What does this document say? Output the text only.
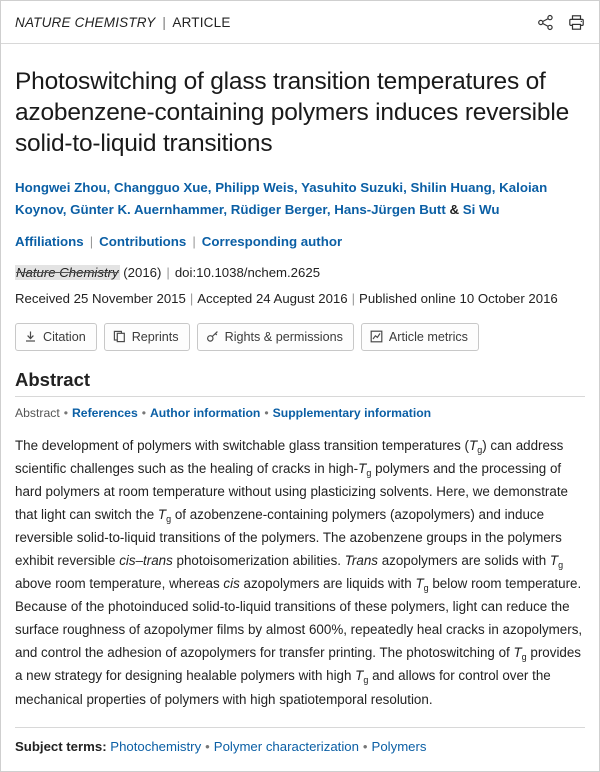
NATURE CHEMISTRY | ARTICLE
Photoswitching of glass transition temperatures of azobenzene-containing polymers induces reversible solid-to-liquid transitions
Hongwei Zhou, Changguo Xue, Philipp Weis, Yasuhito Suzuki, Shilin Huang, Kaloian Koynov, Günter K. Auernhammer, Rüdiger Berger, Hans-Jürgen Butt & Si Wu
Affiliations | Contributions | Corresponding author
Nature Chemistry (2016) | doi:10.1038/nchem.2625
Received 25 November 2015 | Accepted 24 August 2016 | Published online 10 October 2016
Citation	Reprints	Rights & permissions	Article metrics
Abstract
Abstract • References • Author information • Supplementary information

The development of polymers with switchable glass transition temperatures $(T_g)$ can address scientific challenges such as the healing of cracks in high-$T_g$ polymers and the processing of hard polymers at room temperature without using plasticizing solvents. Here, we demonstrate that light can switch the $T_g$ of azobenzene-containing polymers (azopolymers) and induce reversible solid-to-liquid transitions of the polymers. The azobenzene groups in the polymers exhibit reversible cis–trans photoisomerization abilities. Trans azopolymers are solids with $T_g$ above room temperature, whereas cis azopolymers are liquids with $T_g$ below room temperature. Because of the photoinduced solid-to-liquid transitions of these polymers, light can reduce the surface roughness of azopolymer films by almost 600%, repeatedly heal cracks in azopolymers, and control the adhesion of azopolymers for transfer printing. The photoswitching of $T_g$ provides a new strategy for designing healable polymers with high $T_g$ and allows for control over the mechanical properties of polymers with high spatiotemporal resolution.

Subject terms: Photochemistry • Polymer characterization • Polymers
